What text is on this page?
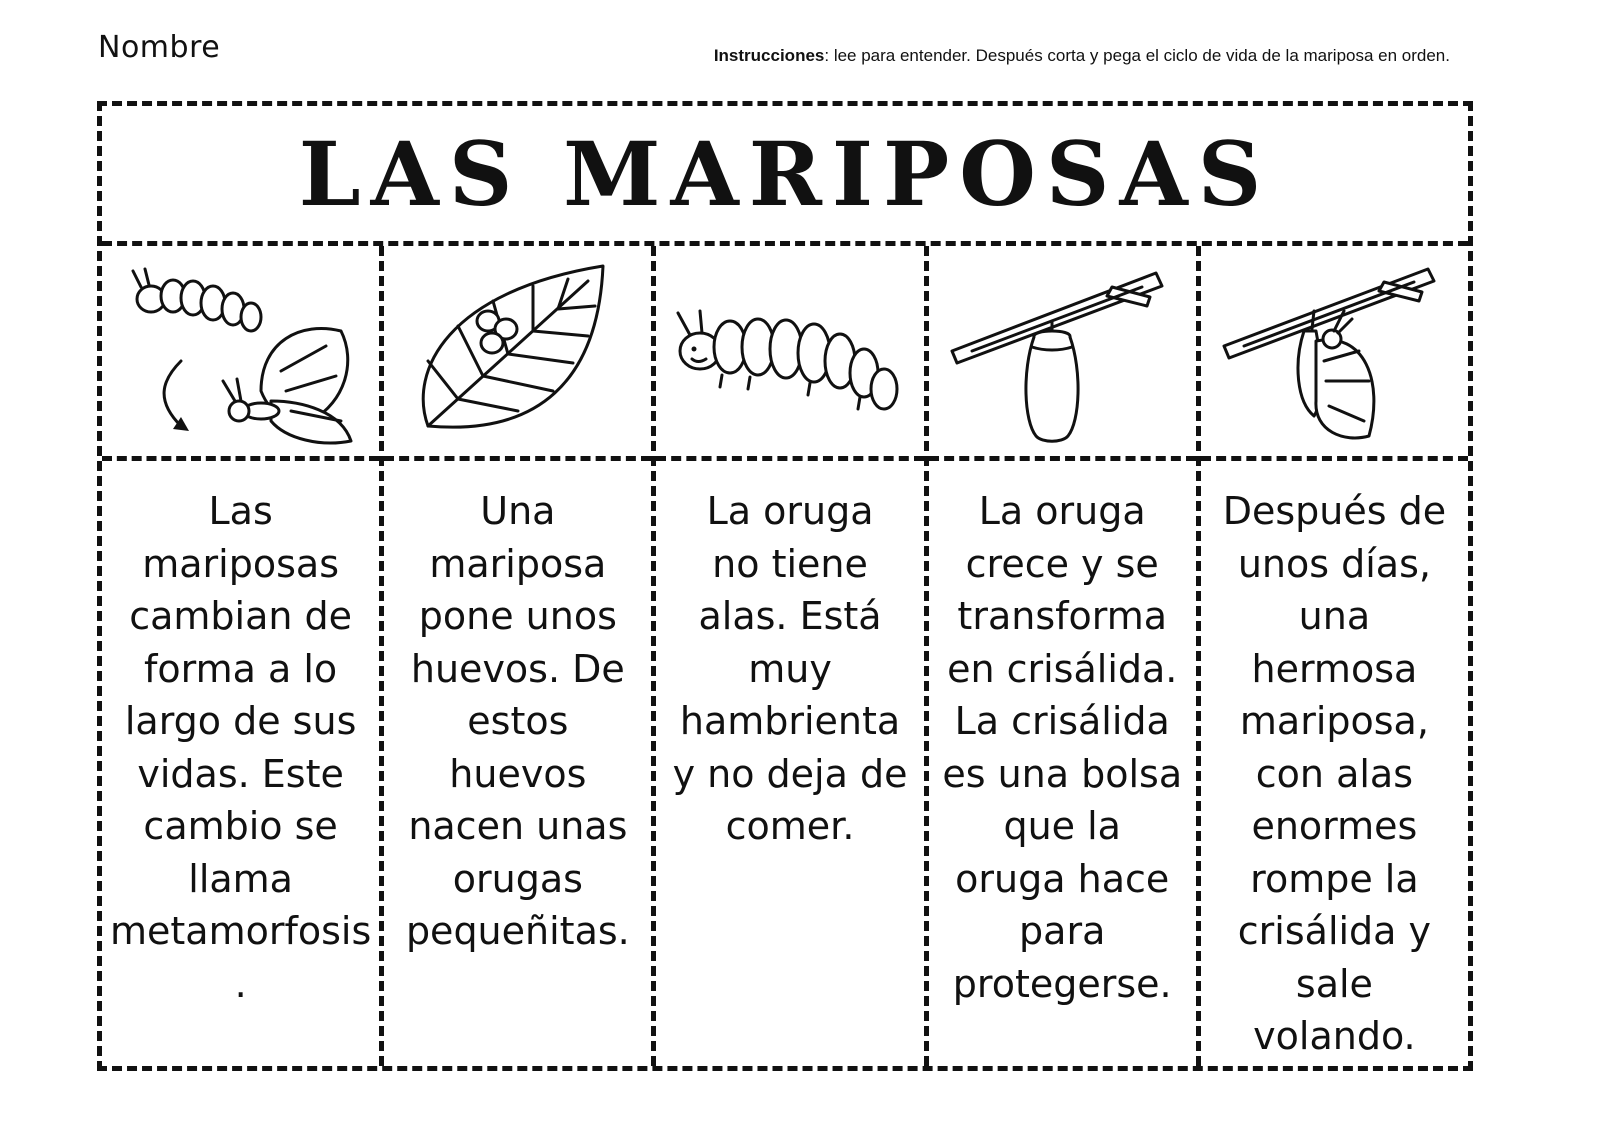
Nombre	Instrucciones: lee para entender. Después corta y pega el ciclo de vida de la mariposa en orden.
LAS MARIPOSAS
Las
mariposas
cambian de
forma a lo
largo de sus
vidas. Este
cambio se
llama
metamorfosis
.
Una
mariposa
pone unos
huevos. De
estos
huevos
nacen unas
orugas
pequeñitas.
La oruga
no tiene
alas. Está
muy
hambrienta
y no deja de
comer.
La oruga
crece y se
transforma
en crisálida.
La crisálida
es una bolsa
que la
oruga hace
para
protegerse.
Después de
unos días,
una
hermosa
mariposa,
con alas
enormes
rompe la
crisálida y
sale
volando.
